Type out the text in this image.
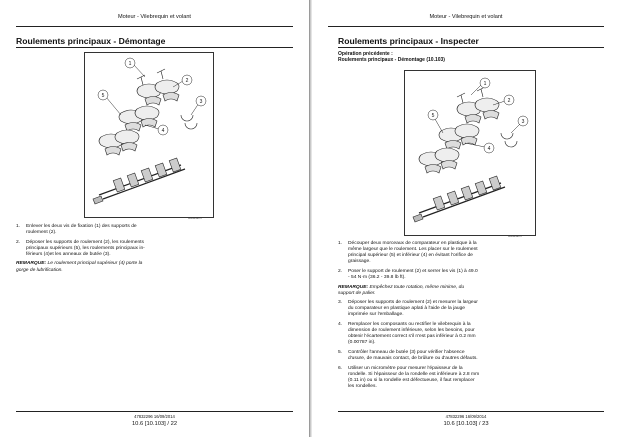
Moteur - Vilebrequin et volant
Roulements principaux - Démontage
1
2
3
4
5
00044496 1
1.	Enlever les deux vis de fixation (1) des supports de roulement (2).
2.	Déposer les supports de roulement (2), les roulements principaux supérieurs (5), les roulements principaux in-férieurs (4)et les anneaux de butée (3).
REMARQUE: Le roulement principal supérieur (4) porte la gorge de lubrification.
47832296 16/09/2014
10.6 [10.103] / 22
Moteur - Vilebrequin et volant
Roulements principaux - Inspecter
Opération précédente :
Roulements principaux - Démontage (10.103)
1
2
3
4
5
00044496 1
1.	Découper deux morceaux de comparateur en plastique à la même largeur que le roulement. Les placer sur le roulement principal supérieur (5) et inférieur (4) en évitant l'orifice de graissage.
2.	Poser le support de roulement (2) et serrer les vis (1) à 49.0 - 54 N·m (36.2 - 39.8 lb ft).
REMARQUE: Empêchez toute rotation, même minime, du support de palier.
3.	Déposer les supports de roulement (2) et mesurer la largeur du comparateur en plastique aplati à l'aide de la jauge imprimée sur l'emballage.
4.	Remplacer les composants ou rectifier le vilebrequin à la dimension de roulement inférieure, selon les besoins, pour obtenir l'écartement correct s'il n'est pas inférieur à 0.2 mm (0.00787 in).
5.	Contrôler l'anneau de butée (3) pour vérifier l'absence d'usure, de mauvais contact, de brûlure ou d'autres défauts.
6.	Utiliser un micromètre pour mesurer l'épaisseur de la rondelle. Si l'épaisseur de la rondelle est inférieure à 2.8 mm (0.11 in) ou si la rondelle est défectueuse, il faut remplacer les rondelles.
47832296 16/09/2014
10.6 [10.103] / 23
